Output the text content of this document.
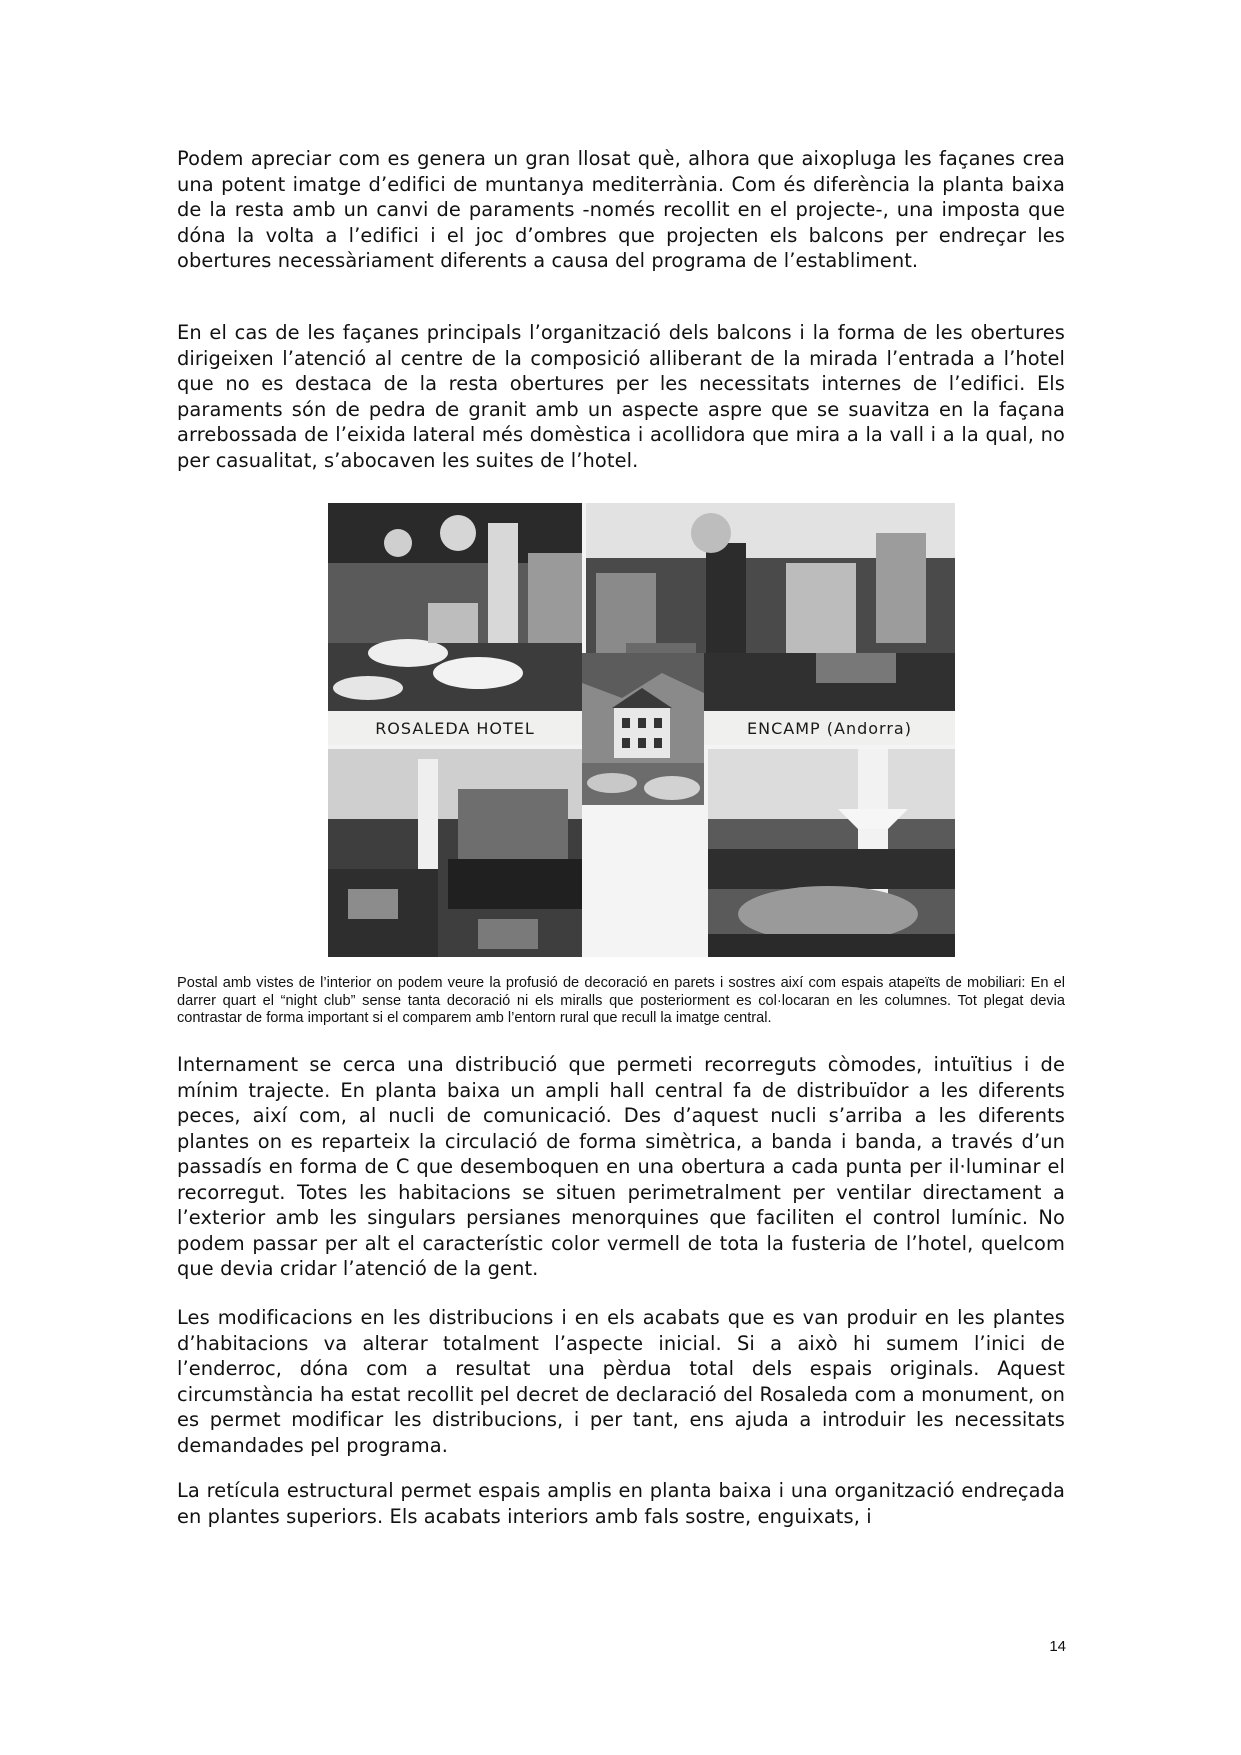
Podem apreciar com es genera un gran llosat què, alhora que aixopluga les façanes crea una potent imatge d’edifici de muntanya mediterrània. Com és diferència la planta baixa de la resta amb un canvi de paraments -només recollit en el projecte-, una imposta que dóna la volta a l’edifici i el joc d’ombres que projecten els balcons per endreçar les obertures necessàriament diferents a causa del programa de l’establiment.

En el cas de les façanes principals l’organització dels balcons i la forma de les obertures dirigeixen l’atenció al centre de la composició alliberant de la mirada l’entrada a l’hotel que no es destaca de la resta obertures per les necessitats internes de l’edifici. Els paraments són de pedra de granit amb un aspecte aspre que se suavitza en la façana arrebossada de l’eixida lateral més domèstica i acollidora que mira a la vall i a la qual, no per casualitat, s’abocaven les suites de l’hotel.

ROSALEDA HOTEL	ENCAMP (Andorra)

Postal amb vistes de l’interior on podem veure la profusió de decoració en parets i sostres així com espais atapeïts de mobiliari: En el darrer quart el “night club” sense tanta decoració ni els miralls que posteriorment es col·locaran en les columnes. Tot plegat devia contrastar de forma important si el comparem amb l’entorn rural que recull la imatge central.

Internament se cerca una distribució que permeti recorreguts còmodes, intuïtius i de mínim trajecte. En planta baixa un ampli hall central fa de distribuïdor a les diferents peces, així com, al nucli de comunicació. Des d’aquest nucli s’arriba a les diferents plantes on es reparteix la circulació de forma simètrica, a banda i banda, a través d’un passadís en forma de C que desemboquen en una obertura a cada punta per il·luminar el recorregut. Totes les habitacions se situen perimetralment per ventilar directament a l’exterior amb les singulars persianes menorquines que faciliten el control lumínic. No podem passar per alt el característic color vermell de tota la fusteria de l’hotel, quelcom que devia cridar l’atenció de la gent.

Les modificacions en les distribucions i en els acabats que es van produir en les plantes d’habitacions va alterar totalment l’aspecte inicial. Si a això hi sumem l’inici de l’enderroc, dóna com a resultat una pèrdua total dels espais originals. Aquest circumstància ha estat recollit pel decret de declaració del Rosaleda com a monument, on es permet modificar les distribucions, i per tant, ens ajuda a introduir les necessitats demandades pel programa.

La retícula estructural permet espais amplis en planta baixa i una organització endreçada en plantes superiors. Els acabats interiors amb fals sostre, enguixats, i

14
